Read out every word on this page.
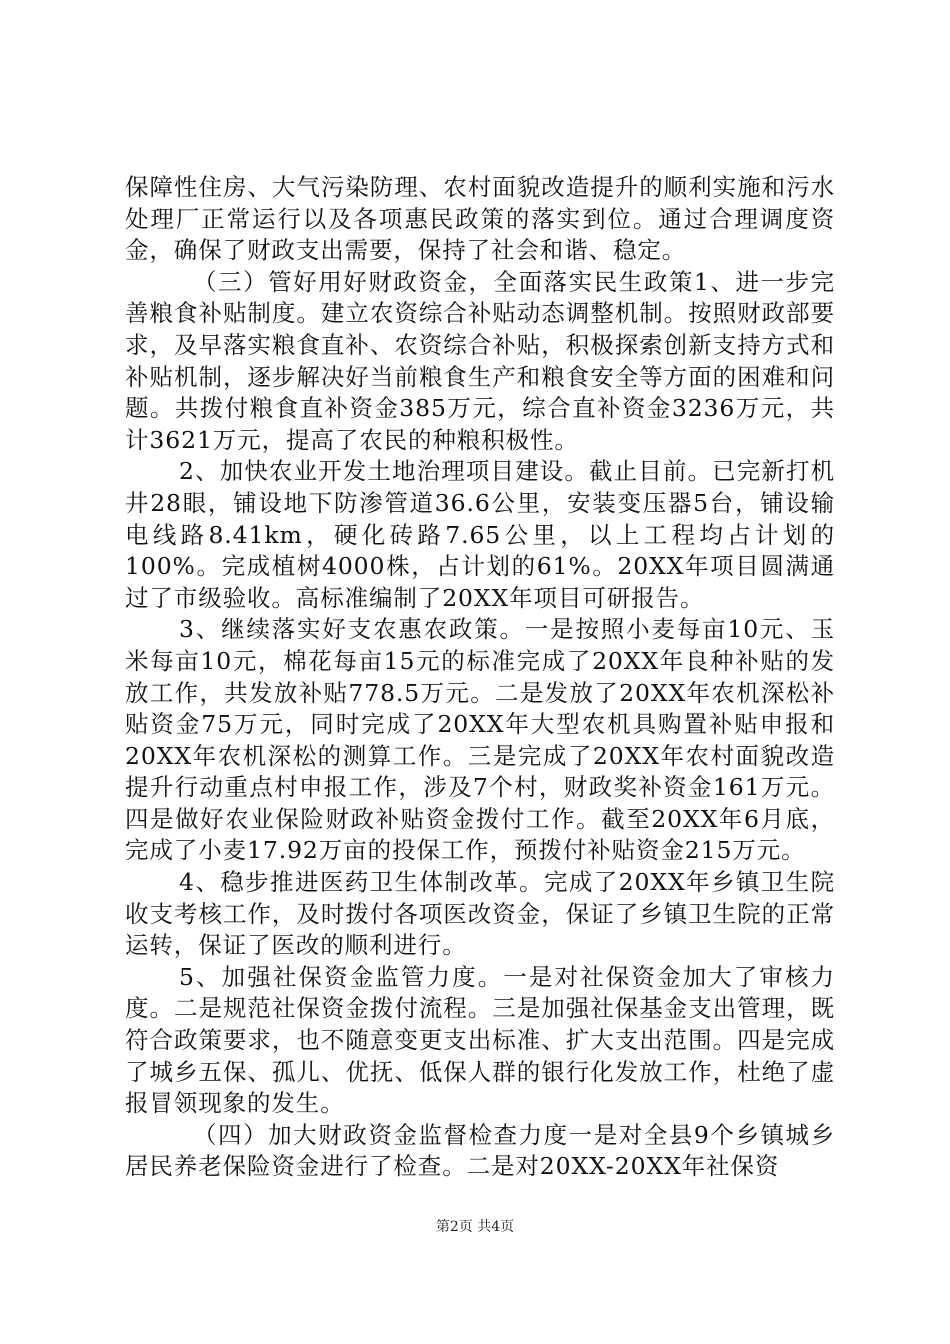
保障性住房、大气污染防理、农村面貌改造提升的顺利实施和污水处理厂正常运行以及各项惠民政策的落实到位。通过合理调度资金，确保了财政支出需要，保持了社会和谐、稳定。

（三）管好用好财政资金，全面落实民生政策1、进一步完善粮食补贴制度。建立农资综合补贴动态调整机制。按照财政部要求，及早落实粮食直补、农资综合补贴，积极探索创新支持方式和补贴机制，逐步解决好当前粮食生产和粮食安全等方面的困难和问题。共拨付粮食直补资金385万元，综合直补资金3236万元，共计3621万元，提高了农民的种粮积极性。

2、加快农业开发土地治理项目建设。截止目前。已完新打机井28眼，铺设地下防渗管道36.6公里，安装变压器5台，铺设输电线路8.41km，硬化砖路7.65公里，以上工程均占计划的100%。完成植树4000株，占计划的61%。20XX年项目圆满通过了市级验收。高标准编制了20XX年项目可研报告。

3、继续落实好支农惠农政策。一是按照小麦每亩10元、玉米每亩10元，棉花每亩15元的标准完成了20XX年良种补贴的发放工作，共发放补贴778.5万元。二是发放了20XX年农机深松补贴资金75万元，同时完成了20XX年大型农机具购置补贴申报和20XX年农机深松的测算工作。三是完成了20XX年农村面貌改造提升行动重点村申报工作，涉及7个村，财政奖补资金161万元。四是做好农业保险财政补贴资金拨付工作。截至20XX年6月底，完成了小麦17.92万亩的投保工作，预拨付补贴资金215万元。

4、稳步推进医药卫生体制改革。完成了20XX年乡镇卫生院收支考核工作，及时拨付各项医改资金，保证了乡镇卫生院的正常运转，保证了医改的顺利进行。

5、加强社保资金监管力度。一是对社保资金加大了审核力度。二是规范社保资金拨付流程。三是加强社保基金支出管理，既符合政策要求，也不随意变更支出标准、扩大支出范围。四是完成了城乡五保、孤儿、优抚、低保人群的银行化发放工作，杜绝了虚报冒领现象的发生。

（四）加大财政资金监督检查力度一是对全县9个乡镇城乡居民养老保险资金进行了检查。二是对20XX-20XX年社保资

第2页 共4页
